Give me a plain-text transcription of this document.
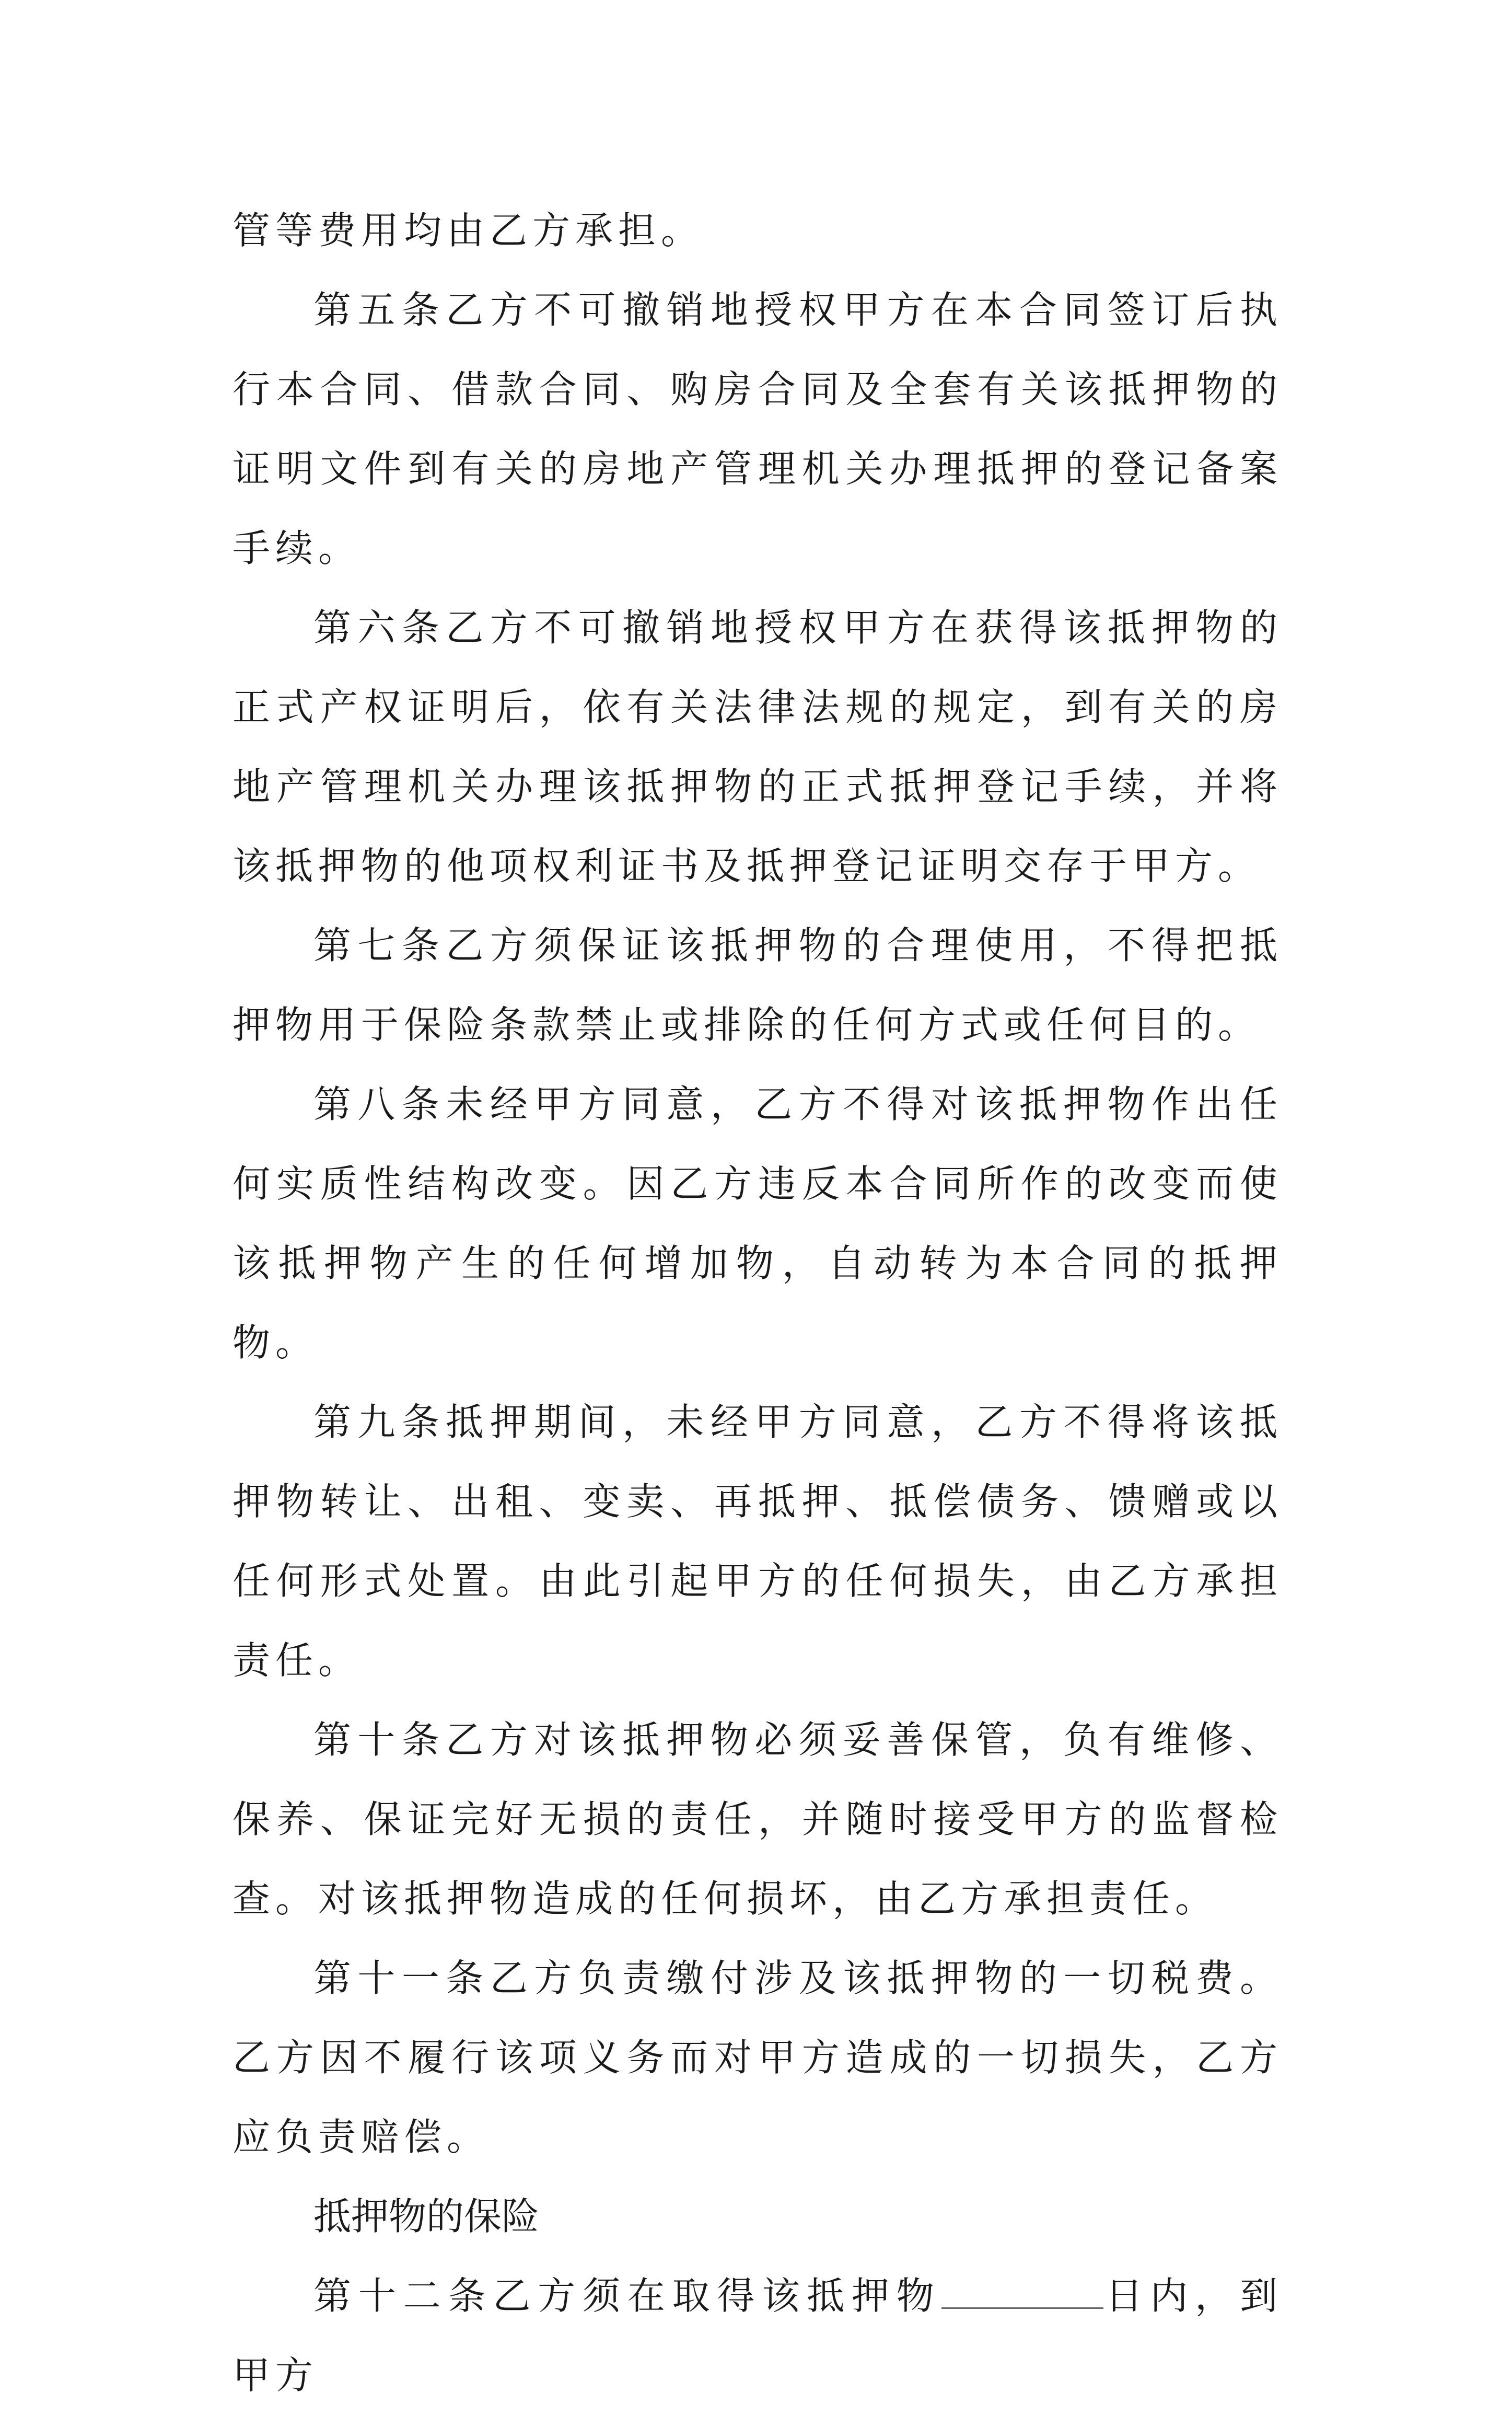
管等费用均由乙方承担。

第五条乙方不可撤销地授权甲方在本合同签订后执行本合同、借款合同、购房合同及全套有关该抵押物的证明文件到有关的房地产管理机关办理抵押的登记备案手续。

第六条乙方不可撤销地授权甲方在获得该抵押物的正式产权证明后，依有关法律法规的规定，到有关的房地产管理机关办理该抵押物的正式抵押登记手续，并将该抵押物的他项权利证书及抵押登记证明交存于甲方。

第七条乙方须保证该抵押物的合理使用，不得把抵押物用于保险条款禁止或排除的任何方式或任何目的。

第八条未经甲方同意，乙方不得对该抵押物作出任何实质性结构改变。因乙方违反本合同所作的改变而使该抵押物产生的任何增加物，自动转为本合同的抵押物。

第九条抵押期间，未经甲方同意，乙方不得将该抵押物转让、出租、变卖、再抵押、抵偿债务、馈赠或以任何形式处置。由此引起甲方的任何损失，由乙方承担责任。

第十条乙方对该抵押物必须妥善保管，负有维修、保养、保证完好无损的责任，并随时接受甲方的监督检查。对该抵押物造成的任何损坏，由乙方承担责任。

第十一条乙方负责缴付涉及该抵押物的一切税费。乙方因不履行该项义务而对甲方造成的一切损失，乙方应负责赔偿。

抵押物的保险

第十二条乙方须在取得该抵押物	日内，到甲方
